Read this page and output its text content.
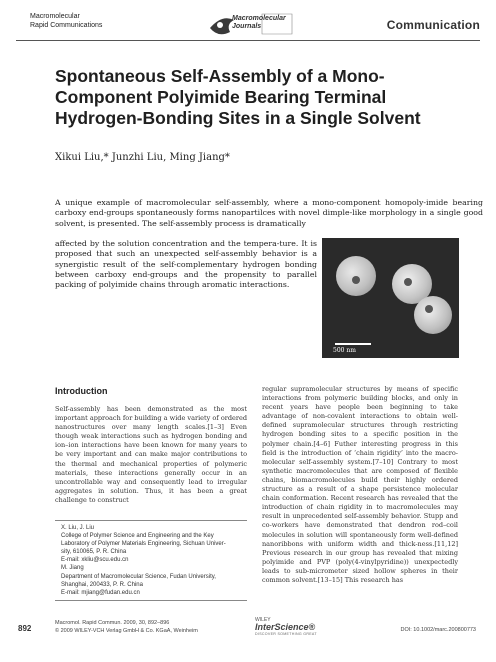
Macromolecular
Rapid Communications
Macromolecular
Journals	Communication
Spontaneous Self-Assembly of a Mono-Component Polyimide Bearing Terminal Hydrogen-Bonding Sites in a Single Solvent
Xikui Liu,* Junzhi Liu, Ming Jiang*
A unique example of macromolecular self-assembly, where a mono-component homopoly-imide bearing carboxy end-groups spontaneously forms nanopartilces with novel dimple-like morphology in a single good solvent, is presented. The self-assembly process is dramatically
affected by the solution concentration and the tempera-ture. It is proposed that such an unexpected self-assembly behavior is a synergistic result of the self-complementary hydrogen bonding between carboxy end-groups and the propensity to parallel packing of polyimide chains through aromatic interactions.
500 nm
Introduction
Self-assembly has been demonstrated as the most important approach for building a wide variety of ordered nanostructures over many length scales.[1–3] Even though weak interactions such as hydrogen bonding and ion–ion interactions have been known for many years to be very important and can make major contributions to the thermal and mechanical properties of polymeric materials, these interactions generally occur in an uncontrollable way and consequently lead to irregular aggregates in solution. Thus, it has been a great challenge to construct
regular supramolecular structures by means of specific interactions from polymeric building blocks, and only in recent years have people been beginning to take advantage of non-covalent interactions to obtain well-defined supramolecular structures through restricting hydrogen bonding sites to a specific position in the polymer chain.[4–6] Futher interesting progress in this field is the introduction of ‘chain rigidity’ into the macro-molecular self-assembly system.[7–10] Contrary to most synthetic macromolecules that are composed of flexible chains, biomacromolecules build their highly ordered structure as a result of a shape persistence molecular chain conformation. Recent research has revealed that the introduction of chain rigidity in to macromolecules may result in unprecedented self-assembly behavior. Stupp and co-workers have demonstrated that dendron rod–coil molecules in solution will spontaneously form well-defined nanoribbons with uniform width and thick-ness.[11,12] Previous research in our group has revealed that mixing polyimide and PVP (poly(4-vinylpyridine)) unexpectedly leads to sub-micrometer sized hollow spheres in their common solvent.[13–15] This research has
X. Liu, J. Liu
College of Polymer Science and Engineering and the Key
Laboratory of Polymer Materials Engineering, Sichuan Univer-
sity, 610065, P. R. China
E-mail: xkliu@scu.edu.cn
M. Jiang
Department of Macromolecular Science, Fudan University,
Shanghai, 200433, P. R. China
E-mail: mjiang@fudan.edu.cn
892
Macromol. Rapid Commun. 2009, 30, 892–896
© 2009 WILEY-VCH Verlag GmbH & Co. KGaA, Weinheim
WILEY
InterScience®
DISCOVER SOMETHING GREAT
DOI: 10.1002/marc.200800773
